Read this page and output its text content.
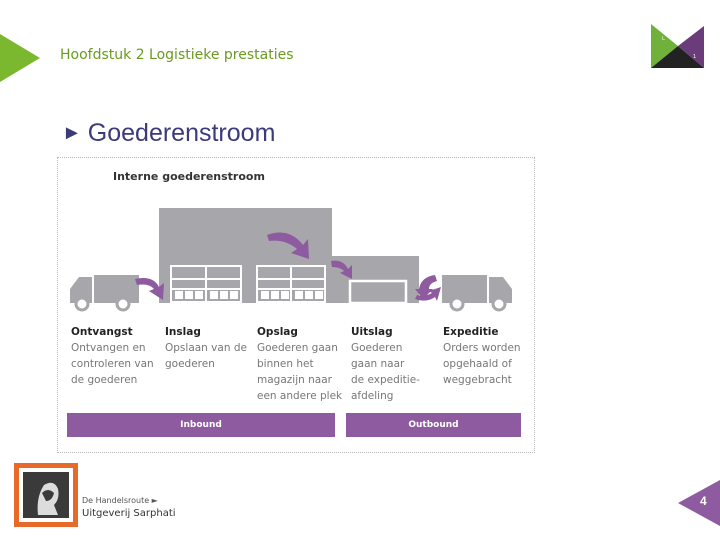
Hoofdstuk 2 Logistieke prestaties
L
1
► Goederenstroom
Interne goederenstroom
Ontvangst
Ontvangen en
controleren van
de goederen
Inslag
Opslaan van de
goederen
Opslag
Goederen gaan
binnen het
magazijn naar
een andere plek
Uitslag
Goederen
gaan naar
de expeditie-
afdeling
Expeditie
Orders worden
opgehaald of
weggebracht
Inbound	Outbound
De Handelsroute ►
Uitgeverij Sarphati
4
